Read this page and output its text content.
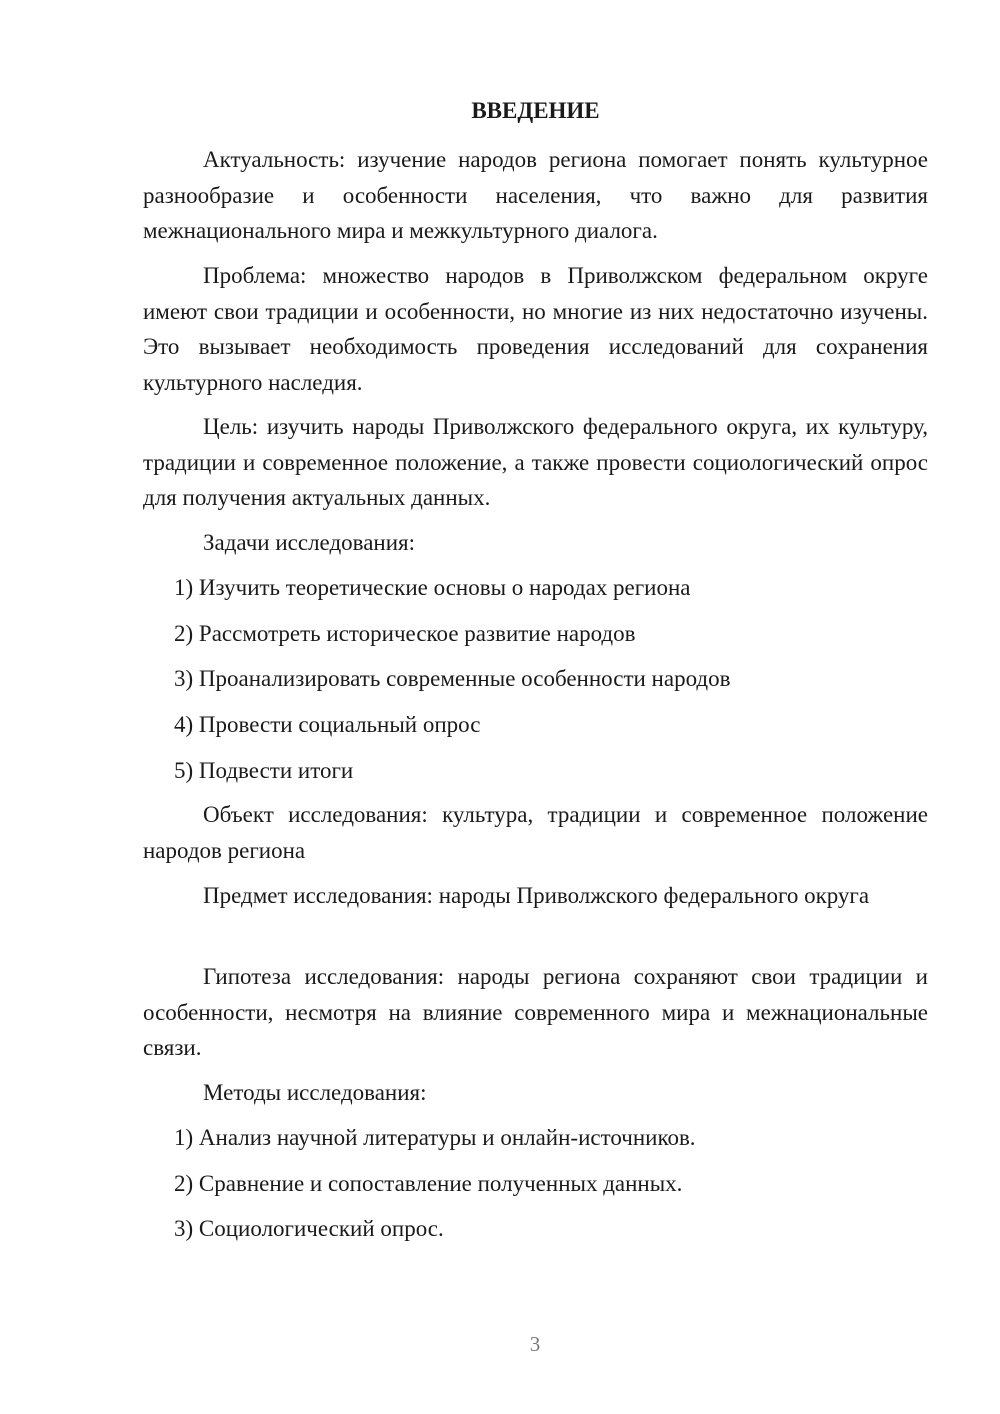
ВВЕДЕНИЕ

Актуальность: изучение народов региона помогает понять культурное разнообразие и особенности населения, что важно для развития межнационального мира и межкультурного диалога.

Проблема: множество народов в Приволжском федеральном округе имеют свои традиции и особенности, но многие из них недостаточно изучены. Это вызывает необходимость проведения исследований для сохранения культурного наследия.

Цель: изучить народы Приволжского федерального округа, их культуру, традиции и современное положение, а также провести социологический опрос для получения актуальных данных.

Задачи исследования:

1) Изучить теоретические основы о народах региона

2) Рассмотреть историческое развитие народов

3) Проанализировать современные особенности народов

4) Провести социальный опрос

5) Подвести итоги

Объект исследования: культура, традиции и современное положение народов региона

Предмет исследования: народы Приволжского федерального округа

Гипотеза исследования: народы региона сохраняют свои традиции и особенности, несмотря на влияние современного мира и межнациональные связи.

Методы исследования:

1) Анализ научной литературы и онлайн-источников.

2) Сравнение и сопоставление полученных данных.

3) Социологический опрос.

3
